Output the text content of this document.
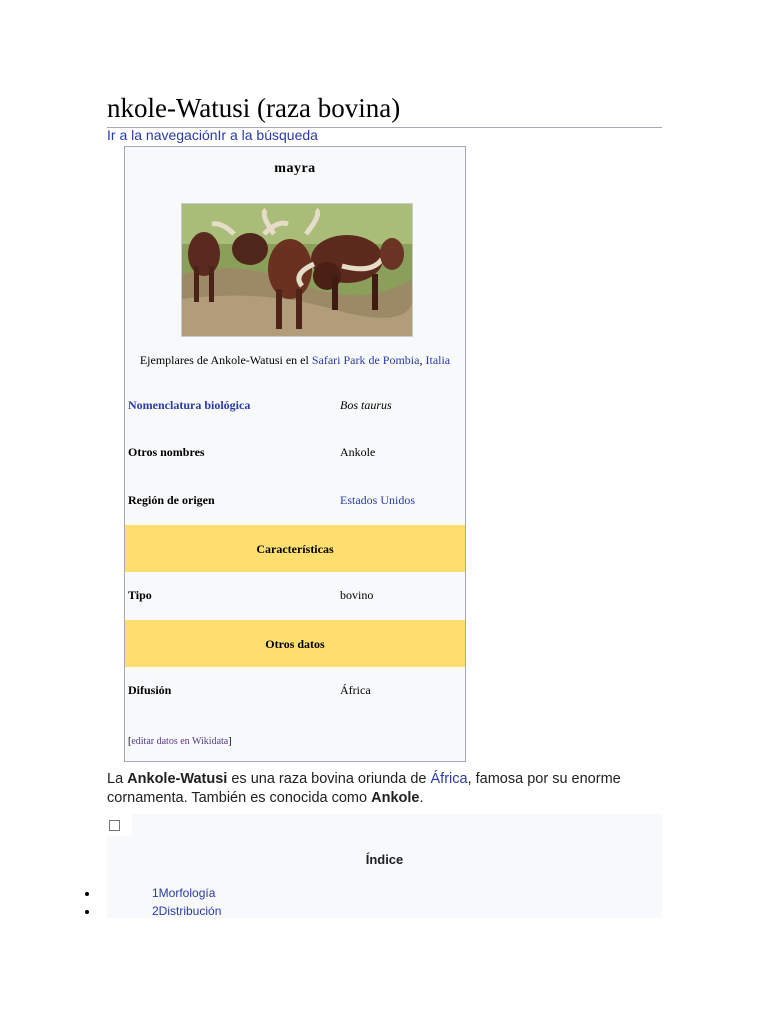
nkole-Watusi (raza bovina)
Ir a la navegaciónIr a la búsqueda
mayra
Ejemplares de Ankole-Watusi en el Safari Park de Pombia, Italia
Nomenclatura biológica	Bos taurus
Otros nombres	Ankole
Región de origen	Estados Unidos
Características
Tipo	bovino
Otros datos
Difusión	África
[editar datos en Wikidata]
La Ankole-Watusi es una raza bovina oriunda de África, famosa por su enorme cornamenta. También es conocida como Ankole.
Índice
1Morfología
2Distribución
